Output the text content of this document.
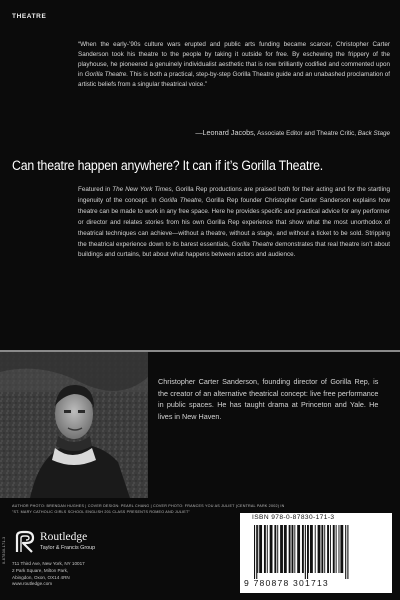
THEATRE
“When the early-’90s culture wars erupted and public arts funding became scarcer, Christopher Carter Sanderson took his theatre to the people by taking it outside for free. By eschewing the frippery of the playhouse, he pioneered a genuinely individualist aesthetic that is now brilliantly codified and commented upon in Gorilla Theatre. This is both a practical, step-by-step Gorilla Theatre guide and an unabashed proclamation of artistic beliefs from a singular theatrical voice.”
—Leonard Jacobs, Associate Editor and Theatre Critic, Back Stage
Can theatre happen anywhere? It can if it’s Gorilla Theatre.
Featured in The New York Times, Gorilla Rep productions are praised both for their acting and for the startling ingenuity of the concept. In Gorilla Theatre, Gorilla Rep founder Christopher Carter Sanderson explains how theatre can be made to work in any free space. Here he provides specific and practical advice for any performer or director and relates stories from his own Gorilla Rep experience that show what the most unorthodox of theatrical techniques can achieve—without a theatre, without a stage, and without a ticket to be sold. Stripping the theatrical experience down to its barest essentials, Gorilla Theatre demonstrates that real theatre isn’t about buildings and curtains, but about what happens between actors and audience.
Christopher Carter Sanderson, founding director of Gorilla Rep, is the creator of an alternative theatrical concept: live free performance in public spaces. He has taught drama at Princeton and Yale. He lives in New Haven.
AUTHOR PHOTO: BRENDAN HUGHES | COVER DESIGN: PEARL CHANG | COVER PHOTO: FRANCES YOU AS JULIET (CENTRAL PARK 2002) IN
"ST. MARY CATHOLIC GIRLS SCHOOL ENGLISH 201 CLASS PRESENTS ROMEO AND JULIET"
0-87830-171-3	Routledge
Taylor & Francis Group
711 Third Ave, New York, NY 10017
2 Park Square, Milton Park,
Abingdon, Oxon, OX14 4RN
www.routledge.com
ISBN 978-0-87830-171-3
9 780878 301713
